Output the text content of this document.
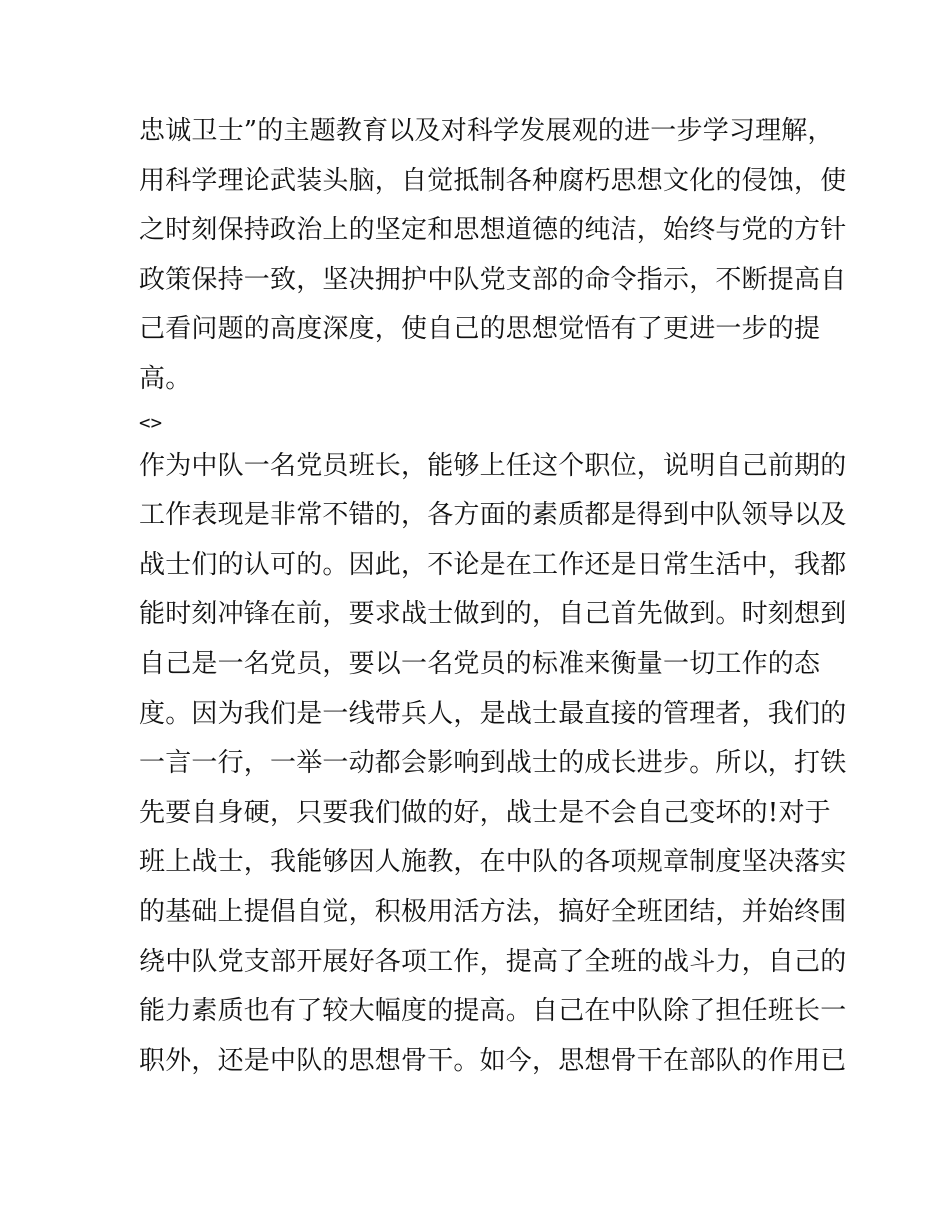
忠诚卫士”的主题教育以及对科学发展观的进一步学习理解，
用科学理论武装头脑，自觉抵制各种腐朽思想文化的侵蚀，使
之时刻保持政治上的坚定和思想道德的纯洁，始终与党的方针
政策保持一致，坚决拥护中队党支部的命令指示，不断提高自
己看问题的高度深度，使自己的思想觉悟有了更进一步的提
高。
<>
作为中队一名党员班长，能够上任这个职位，说明自己前期的
工作表现是非常不错的，各方面的素质都是得到中队领导以及
战士们的认可的。因此，不论是在工作还是日常生活中，我都
能时刻冲锋在前，要求战士做到的，自己首先做到。时刻想到
自己是一名党员，要以一名党员的标准来衡量一切工作的态
度。因为我们是一线带兵人，是战士最直接的管理者，我们的
一言一行，一举一动都会影响到战士的成长进步。所以，打铁
先要自身硬，只要我们做的好，战士是不会自己变坏的!对于
班上战士，我能够因人施教，在中队的各项规章制度坚决落实
的基础上提倡自觉，积极用活方法，搞好全班团结，并始终围
绕中队党支部开展好各项工作，提高了全班的战斗力，自己的
能力素质也有了较大幅度的提高。自己在中队除了担任班长一
职外，还是中队的思想骨干。如今，思想骨干在部队的作用已
